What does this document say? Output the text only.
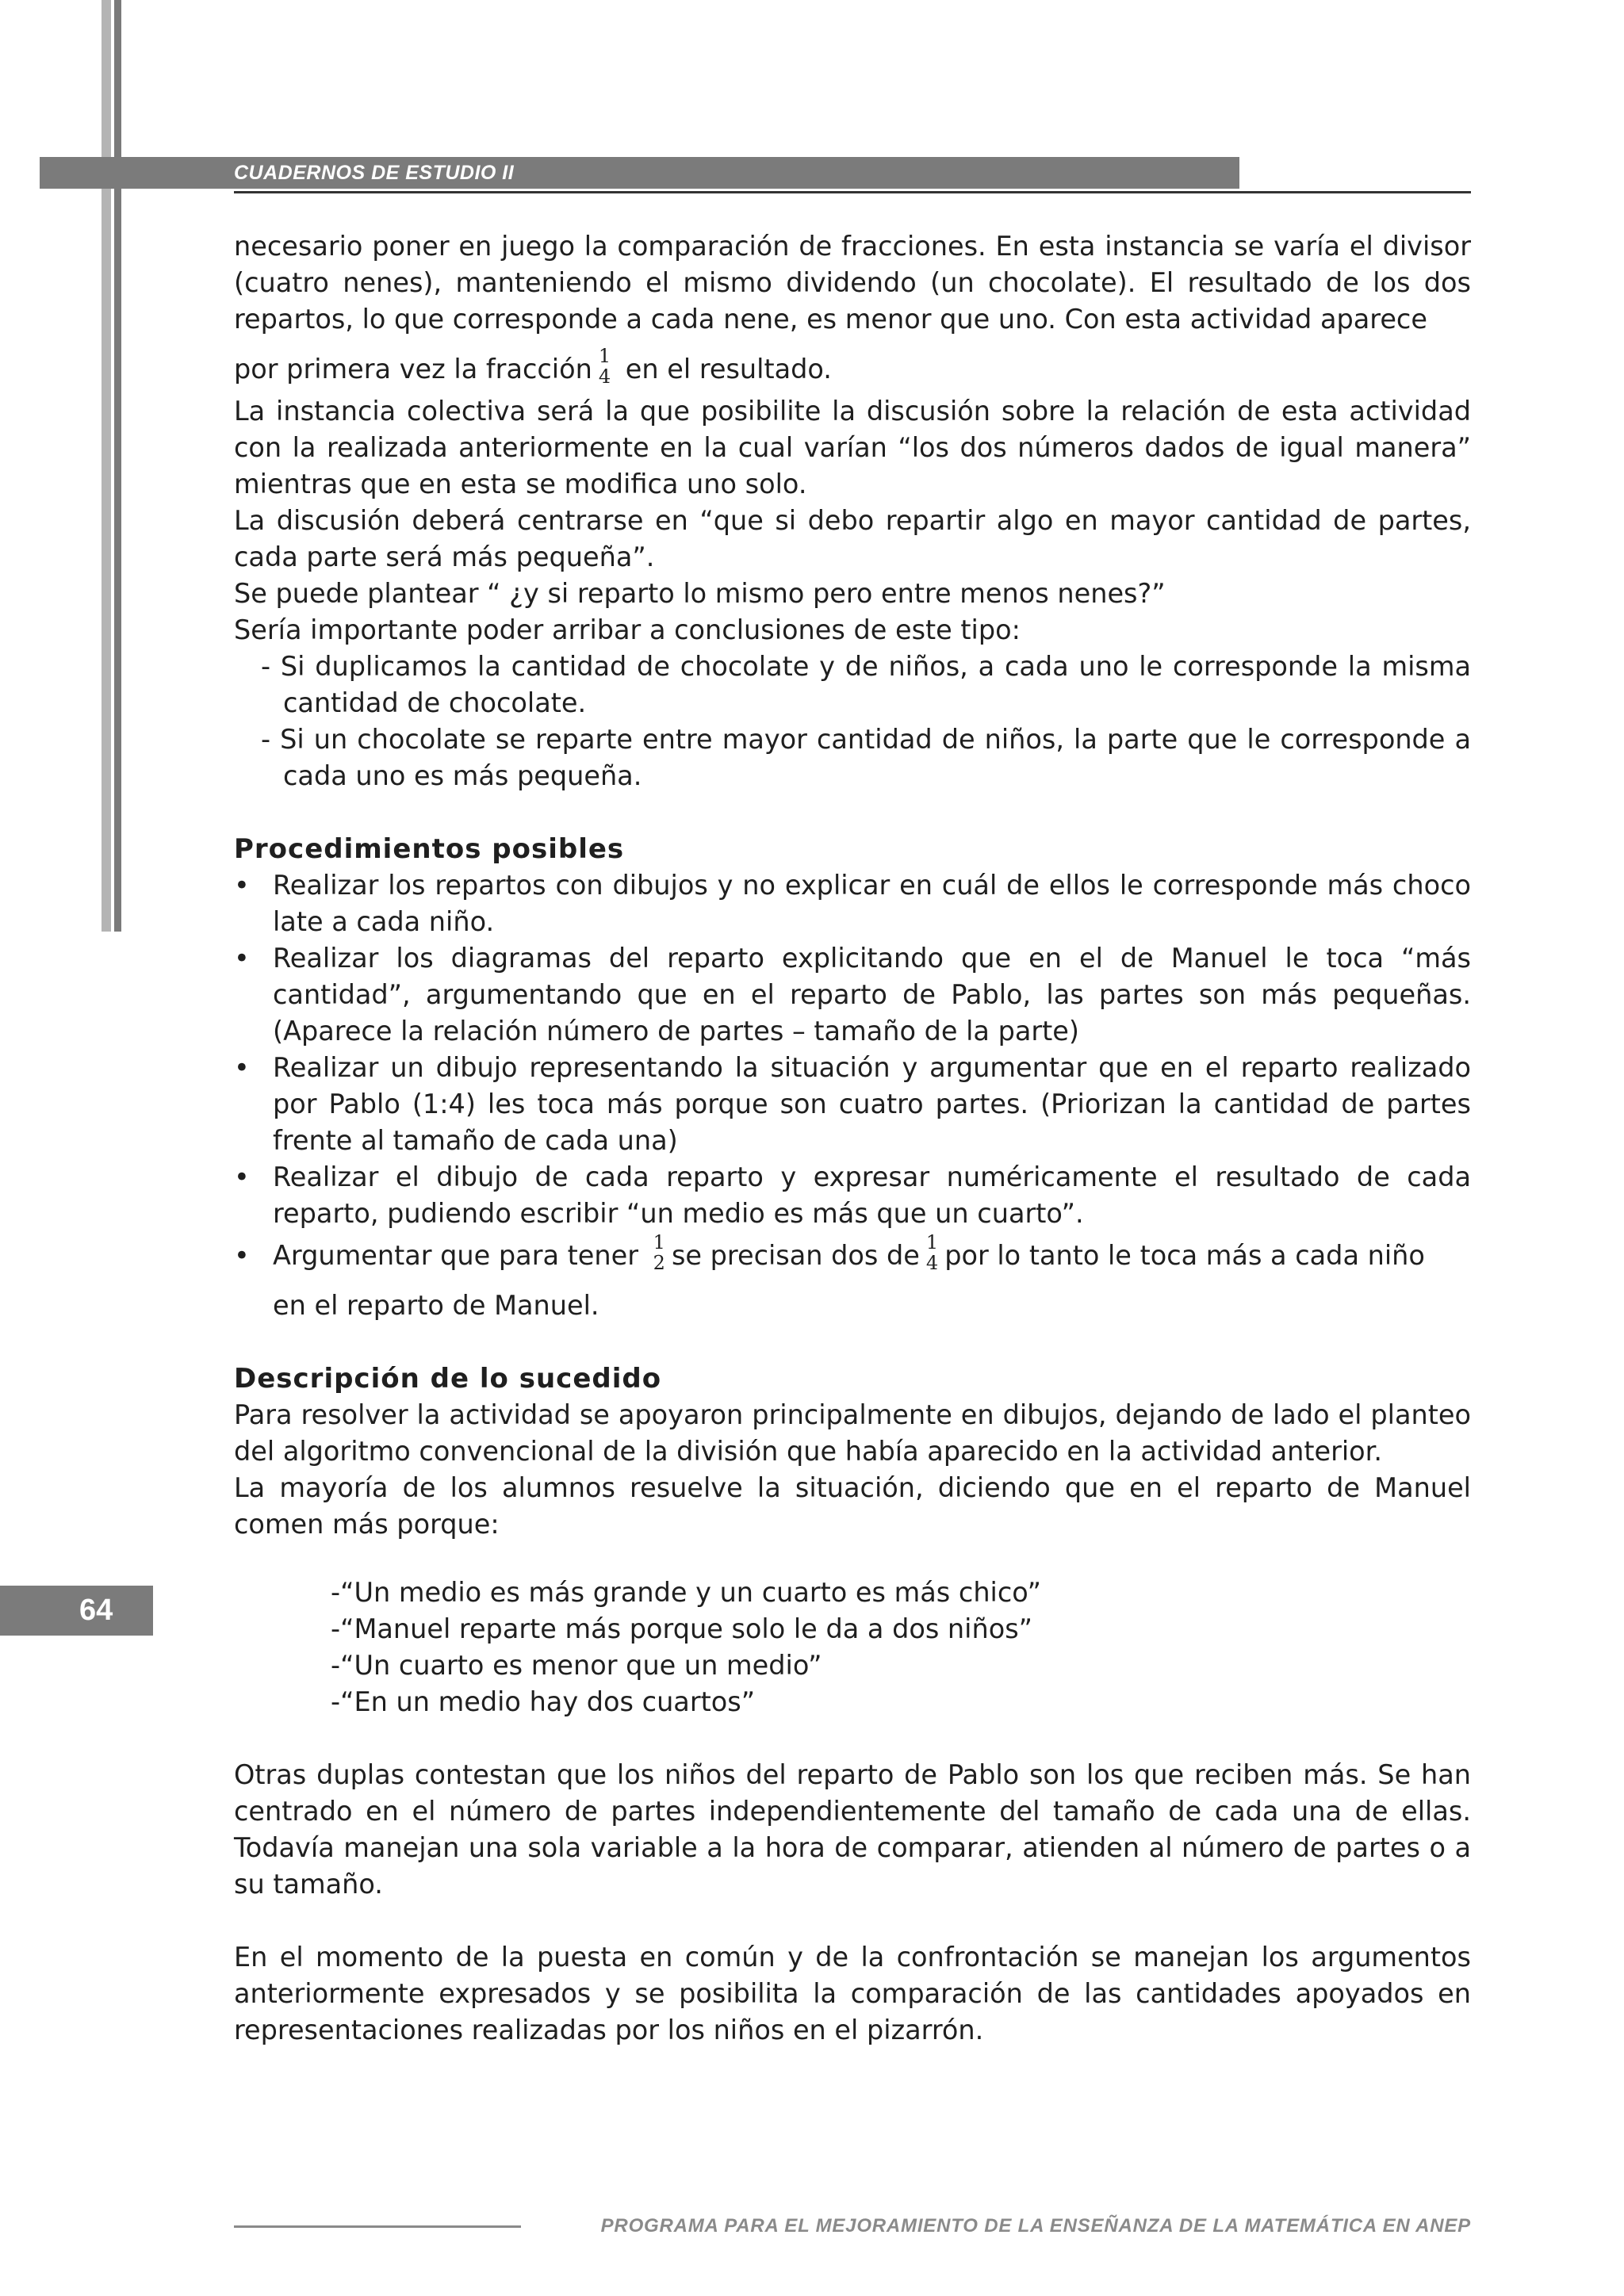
CUADERNOS DE ESTUDIO II
64

necesario poner en juego la comparación de fracciones. En esta instancia se varía el divisor (cuatro nenes), manteniendo el mismo dividendo (un chocolate). El resultado de los dos repartos, lo que corresponde a cada nene, es menor que uno. Con esta actividad aparece

por primera vez la fracción 1
4 en el resultado.

La instancia colectiva será la que posibilite la discusión sobre la relación de esta actividad con la realizada anteriormente en la cual varían “los dos números dados de igual manera” mientras que en esta se modifica uno solo.

La discusión deberá centrarse en “que si debo repartir algo en mayor cantidad de partes, cada parte será más pequeña”.

Se puede plantear “ ¿y si reparto lo mismo pero entre menos nenes?”

Sería importante poder arribar a conclusiones de este tipo:

- Si duplicamos la cantidad de chocolate y de niños, a cada uno le corresponde la misma cantidad de chocolate.
- Si un chocolate se reparte entre mayor cantidad de niños, la parte que le corresponde a cada uno es más pequeña.

Procedimientos posibles

• Realizar los repartos con dibujos y no explicar en cuál de ellos le corresponde más choco late a cada niño.
• Realizar los diagramas del reparto explicitando que en el de Manuel le toca “más cantidad”, argumentando que en el reparto de Pablo, las partes son más pequeñas. (Aparece la relación número de partes – tamaño de la parte)
• Realizar un dibujo representando la situación y argumentar que en el reparto realizado por Pablo (1:4) les toca más porque son cuatro partes. (Priorizan la cantidad de partes frente al tamaño de cada una)
• Realizar el dibujo de cada reparto y expresar numéricamente el resultado de cada reparto, pudiendo escribir “un medio es más que un cuarto”.
• Argumentar que para tener 1
2 se precisan dos de 1
4 por lo tanto le toca más a cada niño
en el reparto de Manuel.

Descripción de lo sucedido

Para resolver la actividad se apoyaron principalmente en dibujos, dejando de lado el planteo del algoritmo convencional de la división que había aparecido en la actividad anterior.

La mayoría de los alumnos resuelve la situación, diciendo que en el reparto de Manuel comen más porque:

-“Un medio es más grande y un cuarto es más chico”
-“Manuel reparte más porque solo le da a dos niños”
-“Un cuarto es menor que un medio”
-“En un medio hay dos cuartos”

Otras duplas contestan que los niños del reparto de Pablo son los que reciben más. Se han centrado en el número de partes independientemente del tamaño de cada una de ellas. Todavía manejan una sola variable a la hora de comparar, atienden al número de partes o a su tamaño.

En el momento de la puesta en común y de la confrontación se manejan los argumentos anteriormente expresados y se posibilita la comparación de las cantidades apoyados en representaciones realizadas por los niños en el pizarrón.

PROGRAMA PARA EL MEJORAMIENTO DE LA ENSEÑANZA DE LA MATEMÁTICA EN ANEP
